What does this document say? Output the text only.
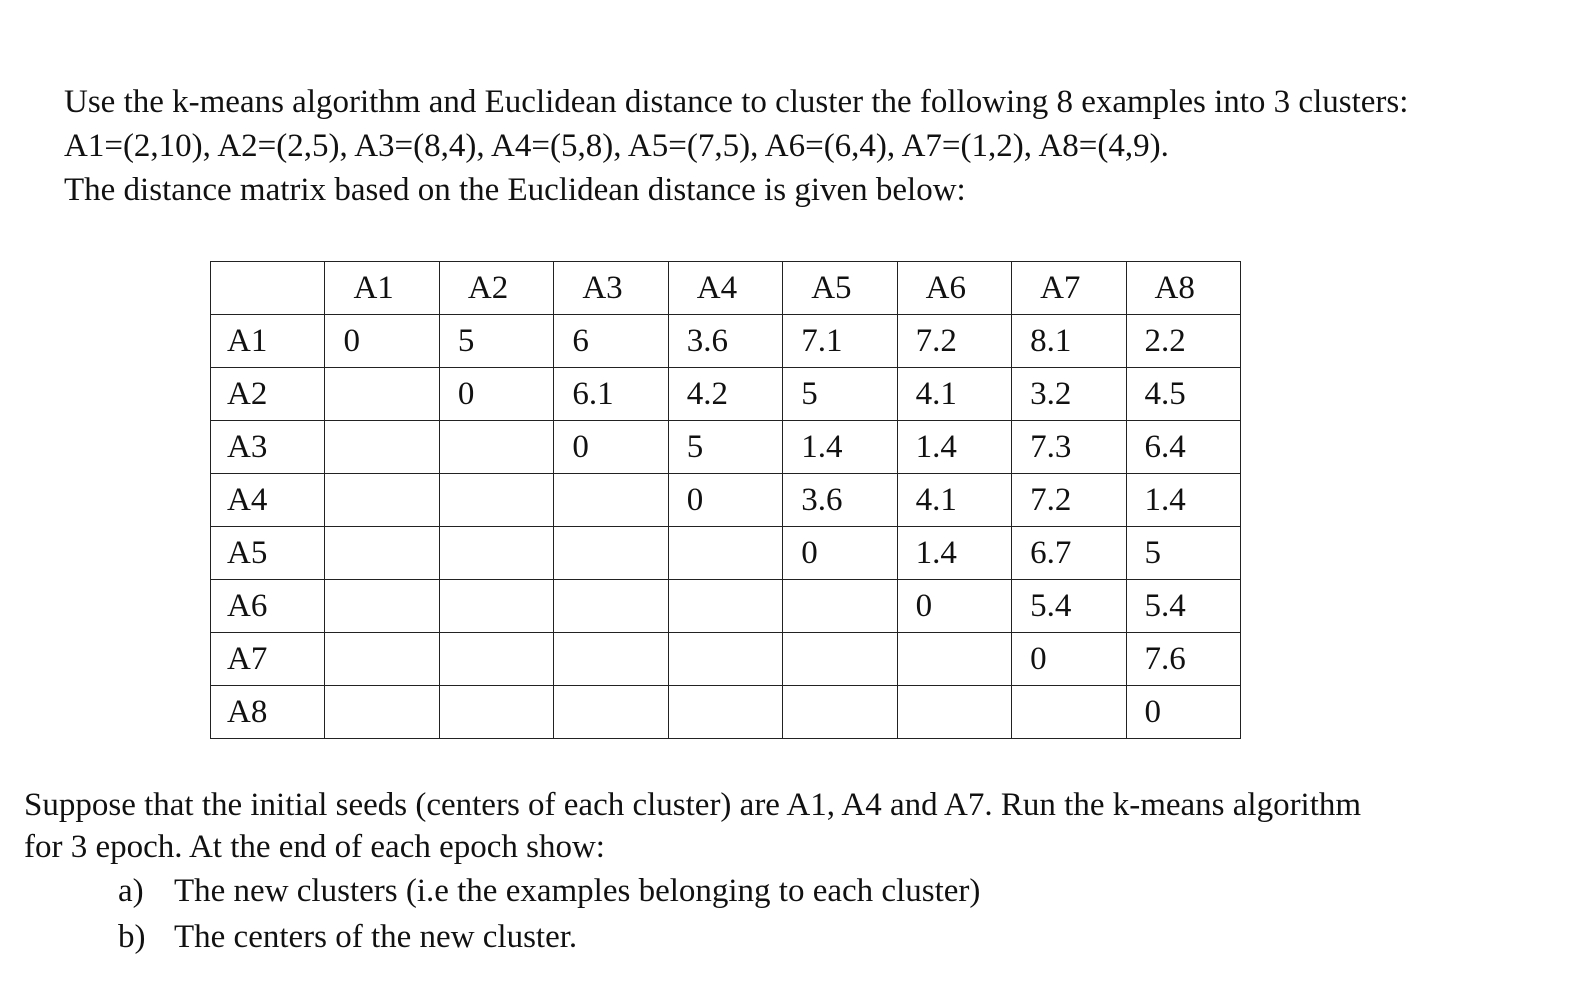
Use the k-means algorithm and Euclidean distance to cluster the following 8 examples into 3 clusters:

A1=(2,10), A2=(2,5), A3=(8,4), A4=(5,8), A5=(7,5), A6=(6,4), A7=(1,2), A8=(4,9).

The distance matrix based on the Euclidean distance is given below:

	A1	A2	A3	A4	A5	A6	A7	A8
A1	0	5	6	3.6	7.1	7.2	8.1	2.2
A2		0	6.1	4.2	5	4.1	3.2	4.5
A3			0	5	1.4	1.4	7.3	6.4
A4				0	3.6	4.1	7.2	1.4
A5					0	1.4	6.7	5
A6						0	5.4	5.4
A7							0	7.6
A8								0

Suppose that the initial seeds (centers of each cluster) are A1, A4 and A7. Run the k-means algorithm

for 3 epoch. At the end of each epoch show:

a) The new clusters (i.e the examples belonging to each cluster)
b) The centers of the new cluster.
